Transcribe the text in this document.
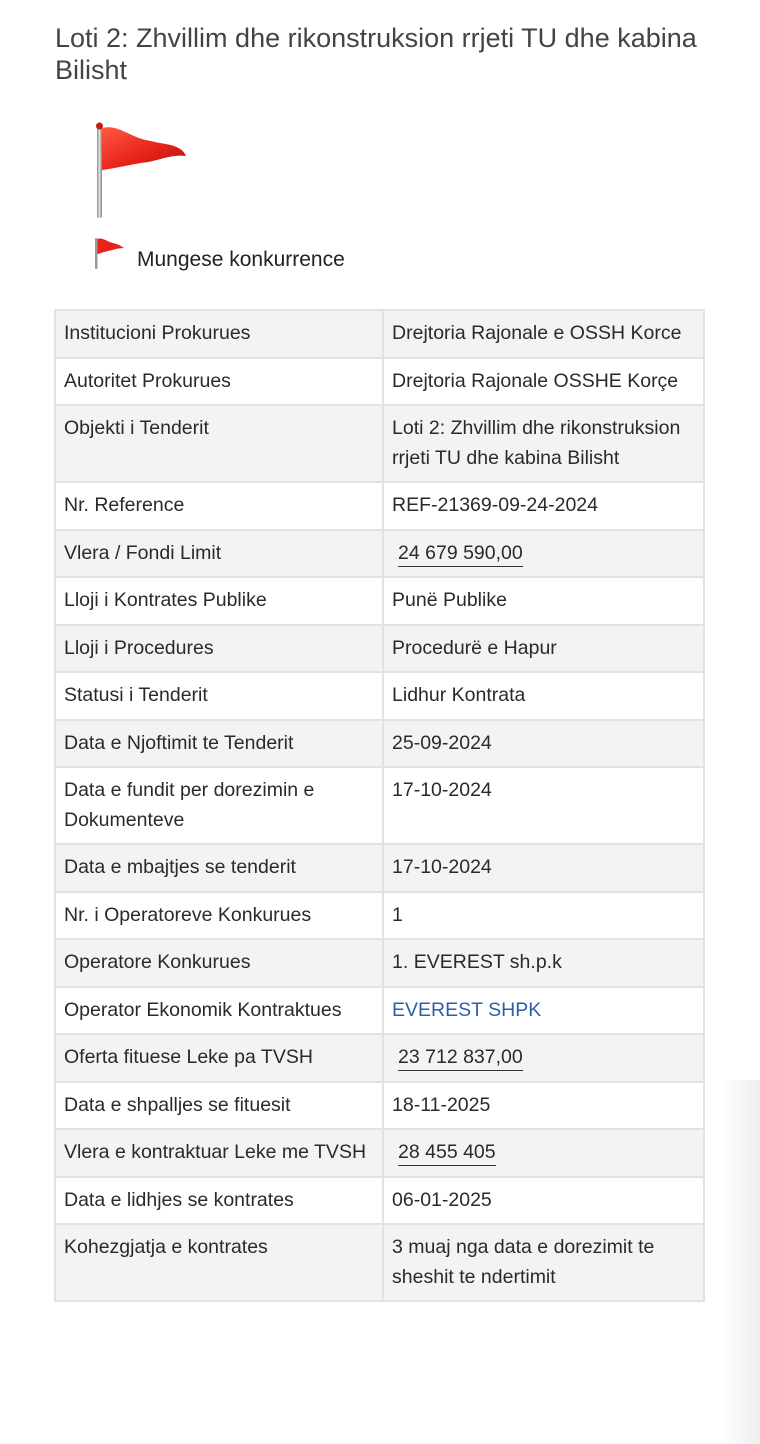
Loti 2: Zhvillim dhe rikonstruksion rrjeti TU dhe kabina Bilisht
Mungese konkurrence
Institucioni Prokurues	Drejtoria Rajonale e OSSH Korce
Autoritet Prokurues	Drejtoria Rajonale OSSHE Korçe
Objekti i Tenderit	Loti 2: Zhvillim dhe rikonstruksion rrjeti TU dhe kabina Bilisht
Nr. Reference	REF-21369-09-24-2024
Vlera / Fondi Limit	24 679 590,00
Lloji i Kontrates Publike	Punë Publike
Lloji i Procedures	Procedurë e Hapur
Statusi i Tenderit	Lidhur Kontrata
Data e Njoftimit te Tenderit	25-09-2024
Data e fundit per dorezimin e Dokumenteve	17-10-2024
Data e mbajtjes se tenderit	17-10-2024
Nr. i Operatoreve Konkurues	1
Operatore Konkurues	1. EVEREST sh.p.k
Operator Ekonomik Kontraktues	EVEREST SHPK
Oferta fituese Leke pa TVSH	23 712 837,00
Data e shpalljes se fituesit	18-11-2025
Vlera e kontraktuar Leke me TVSH	28 455 405
Data e lidhjes se kontrates	06-01-2025
Kohezgjatja e kontrates	3 muaj nga data e dorezimit te sheshit te ndertimit
